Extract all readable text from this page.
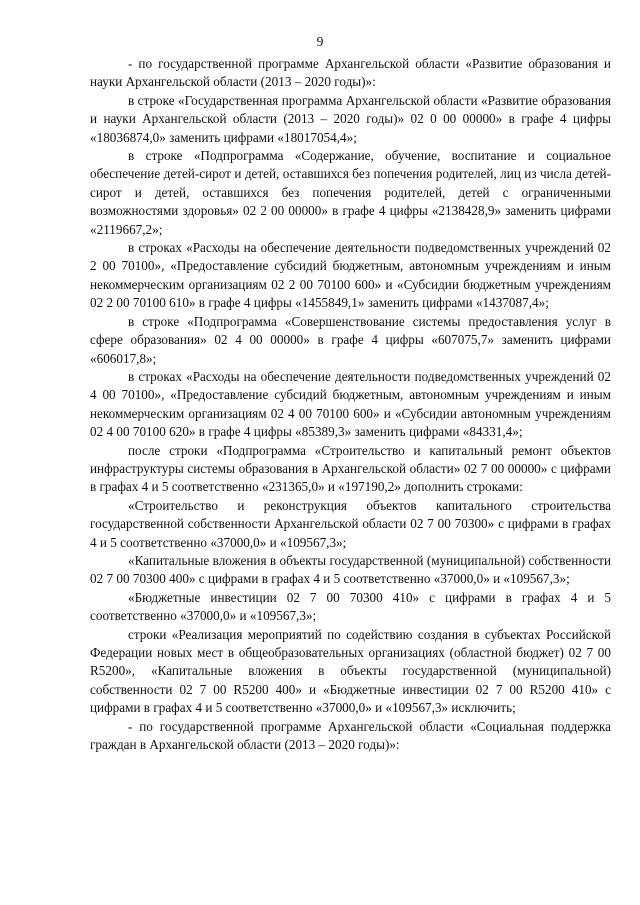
9

- по государственной программе Архангельской области «Развитие образования и науки Архангельской области (2013 – 2020 годы)»:

в строке «Государственная программа Архангельской области «Развитие образования и науки Архангельской области (2013 – 2020 годы)» 02 0 00 00000» в графе 4 цифры «18036874,0» заменить цифрами «18017054,4»;

в строке «Подпрограмма «Содержание, обучение, воспитание и социальное обеспечение детей-сирот и детей, оставшихся без попечения родителей, лиц из числа детей-сирот и детей, оставшихся без попечения родителей, детей с ограниченными возможностями здоровья» 02 2 00 00000» в графе 4 цифры «2138428,9» заменить цифрами «2119667,2»;

в строках «Расходы на обеспечение деятельности подведомственных учреждений 02 2 00 70100», «Предоставление субсидий бюджетным, автономным учреждениям и иным некоммерческим организациям 02 2 00 70100 600» и «Субсидии бюджетным учреждениям 02 2 00 70100 610» в графе 4 цифры «1455849,1» заменить цифрами «1437087,4»;

в строке «Подпрограмма «Совершенствование системы предоставления услуг в сфере образования» 02 4 00 00000» в графе 4 цифры «607075,7» заменить цифрами «606017,8»;

в строках «Расходы на обеспечение деятельности подведомственных учреждений 02 4 00 70100», «Предоставление субсидий бюджетным, автономным учреждениям и иным некоммерческим организациям 02 4 00 70100 600» и «Субсидии автономным учреждениям 02 4 00 70100 620» в графе 4 цифры «85389,3» заменить цифрами «84331,4»;

после строки «Подпрограмма «Строительство и капитальный ремонт объектов инфраструктуры системы образования в Архангельской области» 02 7 00 00000» с цифрами в графах 4 и 5 соответственно «231365,0» и «197190,2» дополнить строками:

«Строительство и реконструкция объектов капитального строительства государственной собственности Архангельской области 02 7 00 70300» с цифрами в графах 4 и 5 соответственно «37000,0» и «109567,3»;

«Капитальные вложения в объекты государственной (муниципальной) собственности 02 7 00 70300 400» с цифрами в графах 4 и 5 соответственно «37000,0» и «109567,3»;

«Бюджетные инвестиции 02 7 00 70300 410» с цифрами в графах 4 и 5 соответственно «37000,0» и «109567,3»;

строки «Реализация мероприятий по содействию создания в субъектах Российской Федерации новых мест в общеобразовательных организациях (областной бюджет) 02 7 00 R5200», «Капитальные вложения в объекты государственной (муниципальной) собственности 02 7 00 R5200 400» и «Бюджетные инвестиции 02 7 00 R5200 410» с цифрами в графах 4 и 5 соответственно «37000,0» и «109567,3» исключить;

- по государственной программе Архангельской области «Социальная поддержка граждан в Архангельской области (2013 – 2020 годы)»:
